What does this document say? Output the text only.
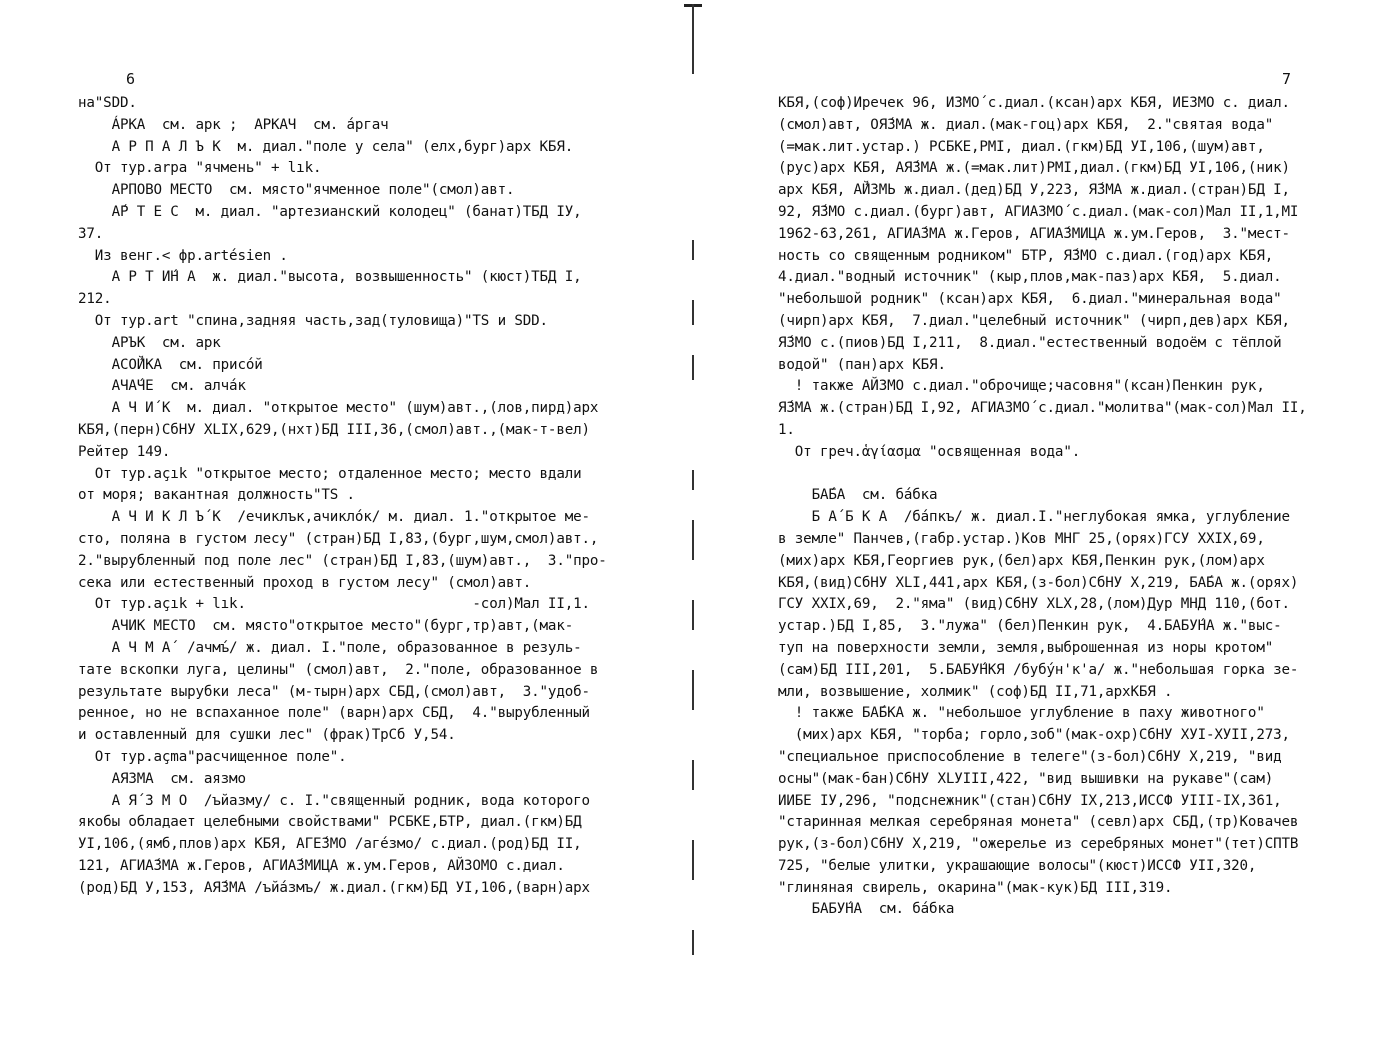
6
на"SDD.
ÁРКА  см. арк ;  АРКАЧ  см. áргач
А Р П А Л Ъ К  м. диал."поле у села" (елх,бург)арх КБЯ.
От тур.arpa "ячмень" + lık.
АРПОВО МЕСТО  см. място"ячменное поле"(смол)авт.
А́Р Т Е С  м. диал. "артезианский колодец" (банат)ТБД IУ,
37.
Из венг.< фр.artésien .
А Р Т И́Н А  ж. диал."высота, возвышенность" (кюст)ТБД I,
212.
От тур.art "спина,задняя часть,зад(туловища)"TS и SDD.
АРЪК  см. арк
АСО́ЙКА  см. присо́й
АЧА́ЧЕ  см. алча́к
А Ч И́ К  м. диал. "открытое место" (шум)авт.,(лов,пирд)арх
КБЯ,(перн)СбНУ XLIX,629,(нхт)БД III,36,(смол)авт.,(мак-т-вел)
Рейтер 149.
От тур.açık "открытое место; отдаленное место; место вдали
от моря; вакантная должность"TS .
А Ч И К Л Ъ́ К  /ечиклък,ачиклóк/ м. диал. 1."открытое ме-
сто, поляна в густом лесу" (стран)БД I,83,(бург,шум,смол)авт.,
2."вырубленный под поле лес" (стран)БД I,83,(шум)авт.,  3."про-
сека или естественный проход в густом лесу" (смол)авт.
От тур.açık + lık.                           -сол)Мал II,1.
АЧИК МЕСТО  см. място"открытое место"(бург,тр)авт,(мак-
А Ч М А́  /ачмъ́/ ж. диал. I."поле, образованное в резуль-
тате вскопки луга, целины" (смол)авт,  2."поле, образованное в
результате вырубки леса" (м-тырн)арх СБД,(смол)авт,  3."удоб-
ренное, но не вспаханное поле" (варн)арх СБД,  4."вырубленный
и оставленный для сушки лес" (фрак)ТрСб У,54.
От тур.açma"расчищенное поле".
АЯЗМА  см. аязмо
А Я́ З М О  /ъйазму/ с. I."священный родник, вода которого
якобы обладает целебными свойствами" РСБКЕ,БТР, диал.(гкм)БД
УI,106,(ямб,плов)арх КБЯ, АГЕ́ЗМО /агéзмо/ с.диал.(род)БД II,
121, АГИА́ЗМА ж.Геров, АГИА́ЗМИЦА ж.ум.Геров, АЙЗОМО с.диал.
(род)БД У,153, АЯ́ЗМА /ъйáзмъ/ ж.диал.(гкм)БД УI,106,(варн)арх
7
КБЯ,(соф)Иречек 96, ИЗМО́ с.диал.(ксан)арх КБЯ, ИЕЗМО с. диал.
(смол)авт, ОЯ́ЗМА ж. диал.(мак-гоц)арх КБЯ,  2."святая вода"
(=мак.лит.устар.) РСБКЕ,РМI, диал.(гкм)БД УI,106,(шум)авт,
(рус)арх КБЯ, АЯ́ЗМА ж.(=мак.лит)РМI,диал.(гкм)БД УI,106,(ник)
арх КБЯ, А́ЙЗМЬ ж.диал.(дед)БД У,223, Я́ЗМА ж.диал.(стран)БД I,
92, Я́ЗМО с.диал.(бург)авт, АГИАЗМО́ с.диал.(мак-сол)Мал II,1,МI
1962-63,261, АГИА́ЗМА ж.Геров, АГИА́ЗМИЦА ж.ум.Геров,  3."мест-
ность со священным родником" БТР, Я́ЗМО с.диал.(год)арх КБЯ,
4.диал."водный источник" (кыр,плов,мак-паз)арх КБЯ,  5.диал.
"небольшой родник" (ксан)арх КБЯ,  6.диал."минеральная вода"
(чирп)арх КБЯ,  7.диал."целебный источник" (чирп,дев)арх КБЯ,
Я́ЗМО с.(пиов)БД I,211,  8.диал."естественный водоём с тёплой
водой" (пан)арх КБЯ.
! также АЙЗМО с.диал."оброчище;часовня"(ксан)Пенкин рук,
Я́ЗМА ж.(стран)БД I,92, АГИАЗМО́ с.диал."молитва"(мак-сол)Мал II,
1.
От греч.ἁγίασμα "освященная вода".
БА́БА  см. ба́бка
Б А́ Б К А  /ба́пкъ/ ж. диал.I."неглубокая ямка, углубление
в земле" Панчев,(габр.устар.)Ков МНГ 25,(орях)ГСУ XXIX,69,
(мих)арх КБЯ,Георгиев рук,(бел)арх КБЯ,Пенкин рук,(лом)арх
КБЯ,(вид)СбНУ XLI,441,арх КБЯ,(з-бол)СбНУ X,219, БА́БА ж.(орях)
ГСУ XXIX,69,  2."яма" (вид)СбНУ XLX,28,(лом)Дур МНД 110,(бот.
устар.)БД I,85,  3."лужа" (бел)Пенкин рук,  4.БАБУ́НА ж."выс-
туп на поверхности земли, земля,выброшенная из норы кротом"
(сам)БД III,201,  5.БАБУ́НКЯ /бубу́н'к'а/ ж."небольшая горка зе-
мли, возвышение, холмик" (соф)БД II,71,архКБЯ .
! также БА́БКА ж. "небольшое углубление в паху животного"
(мих)арх КБЯ, "торба; горло,зоб"(мак-охр)СбНУ ХУI-ХУII,273,
"специальное приспособление в телеге"(з-бол)СбНУ X,219, "вид
осны"(мак-бан)СбНУ XLУIII,422, "вид вышивки на рукаве"(сам)
ИИБЕ IУ,296, "подснежник"(стан)СбНУ IX,213,ИССФ УIII-IX,361,
"старинная мелкая серебряная монета" (севл)арх СБД,(тр)Ковачев
рук,(з-бол)СбНУ X,219, "ожерелье из серебряных монет"(тет)СПТВ
725, "белые улитки, украшающие волосы"(кюст)ИССФ УII,320,
"глиняная свирель, окарина"(мак-кук)БД III,319.
БАБУ́НА  см. ба́бка
